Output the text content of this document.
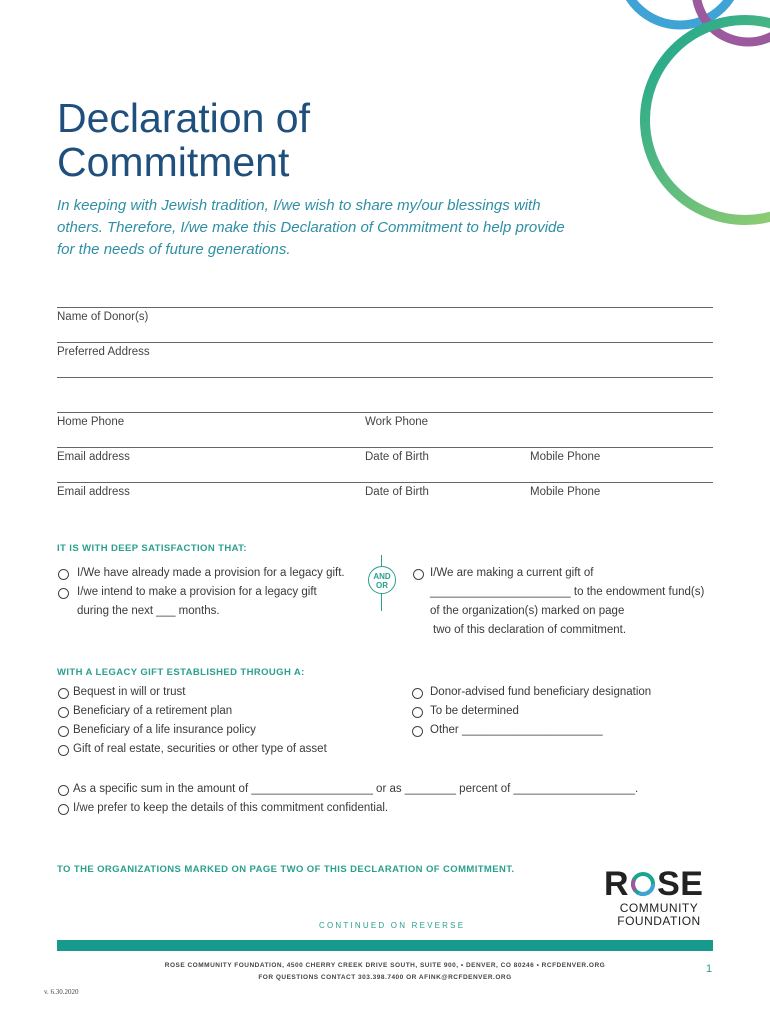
Declaration of
Commitment

In keeping with Jewish tradition, I/we wish to share my/our blessings with others. Therefore, I/we make this Declaration of Commitment to help provide for the needs of future generations.

Name of Donor(s)
Preferred Address
Home Phone	Work Phone
Email address	Date of Birth	Mobile Phone
Email address	Date of Birth	Mobile Phone
IT IS WITH DEEP SATISFACTION THAT:
I/We have already made a provision for a legacy gift.
I/we intend to make a provision for a legacy gift
during the next ___ months.
AND
OR
I/We are making a current gift of
______________________ to the endowment fund(s)
of the organization(s) marked on page
two of this declaration of commitment.
WITH A LEGACY GIFT ESTABLISHED THROUGH A:
Bequest in will or trust
Beneficiary of a retirement plan
Beneficiary of a life insurance policy
Gift of real estate, securities or other type of asset
Donor-advised fund beneficiary designation
To be determined
Other ______________________
As a specific sum in the amount of ___________________ or as ________ percent of ___________________.
I/we prefer to keep the details of this commitment confidential.
TO THE ORGANIZATIONS MARKED ON PAGE TWO OF THIS DECLARATION OF COMMITMENT.	R SE
COMMUNITY
FOUNDATION
CONTINUED ON REVERSE
ROSE COMMUNITY FOUNDATION, 4500 CHERRY CREEK DRIVE SOUTH, SUITE 900, • DENVER, CO 80246 • RCFDENVER.ORG
FOR QUESTIONS CONTACT 303.398.7400 OR AFINK@RCFDENVER.ORG
1
v. 6.30.2020
